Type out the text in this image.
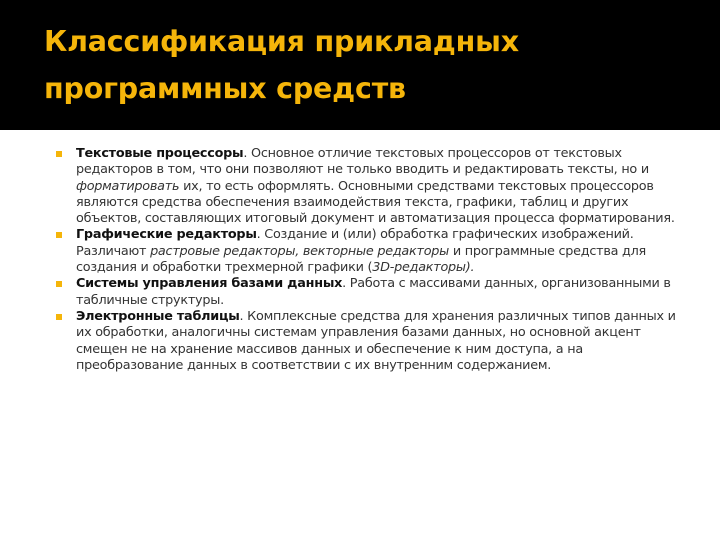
Классификация прикладных
программных средств
Текстовые процессоры. Основное отличие текстовых процессоров от текстовых редакторов в том, что они позволяют не только вводить и редактировать тексты, но и форматировать их, то есть оформлять. Основными средствами текстовых процессоров являются средства обеспечения взаимодействия текста, графики, таблиц и других объектов, составляющих итоговый документ и автоматизация процесса форматирования.
Графические редакторы. Создание и (или) обработка графических изображений. Различают растровые редакторы, векторные редакторы и программные средства для создания и обработки трехмерной графики (3D-редакторы).
Системы управления базами данных. Работа с массивами данных, организованными в табличные структуры.
Электронные таблицы. Комплексные средства для хранения различных типов данных и их обработки, аналогичны системам управления базами данных, но основной акцент смещен не на хранение массивов данных и обеспечение к ним доступа, а на преобразование данных в соответствии с их внутренним содержанием.
